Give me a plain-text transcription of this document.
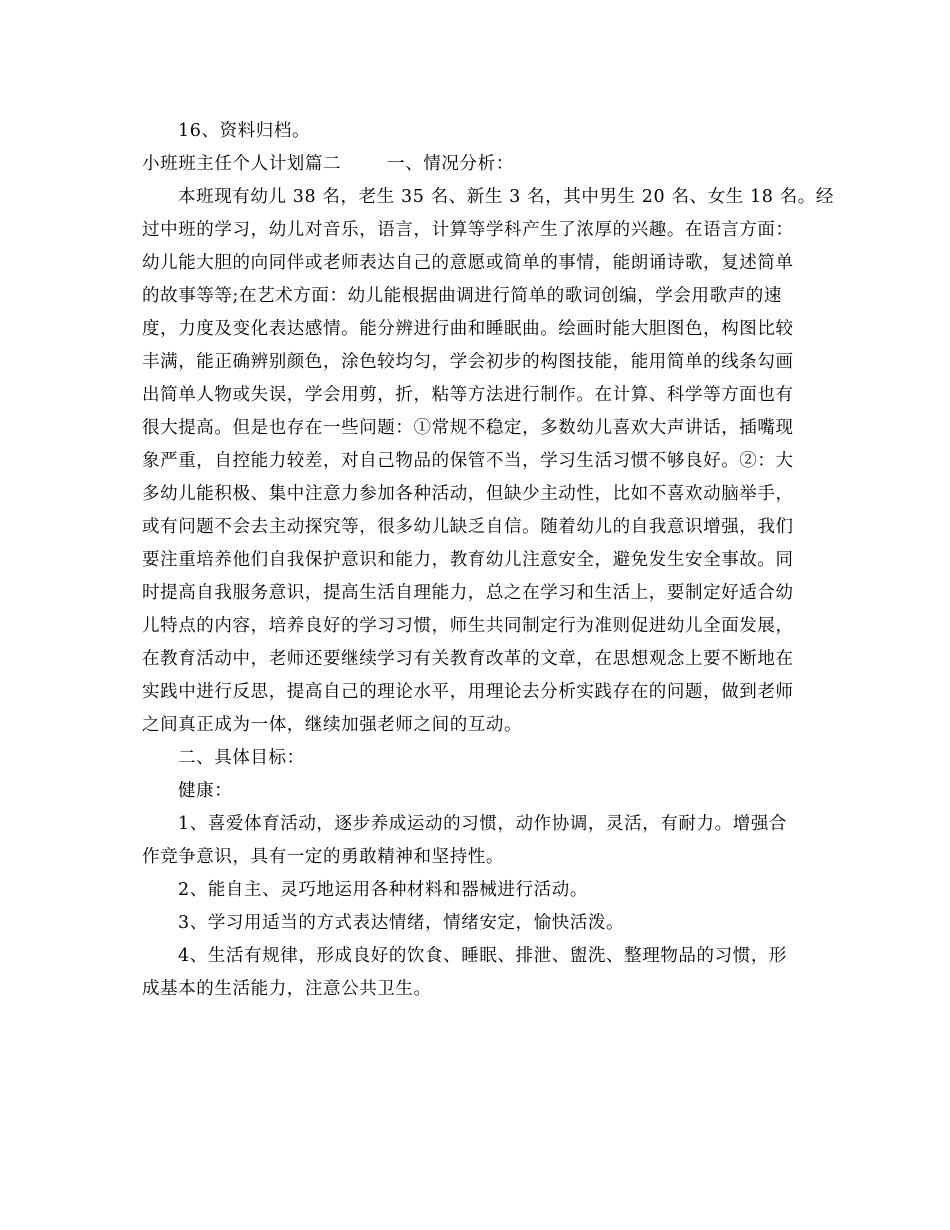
16、资料归档。

小班班主任个人计划篇二	一、情况分析：

本班现有幼儿 38 名，老生 35 名、新生 3 名，其中男生 20 名、女生 18 名。经

过中班的学习，幼儿对音乐，语言，计算等学科产生了浓厚的兴趣。在语言方面：

幼儿能大胆的向同伴或老师表达自己的意愿或简单的事情，能朗诵诗歌，复述简单

的故事等等;在艺术方面：幼儿能根据曲调进行简单的歌词创编，学会用歌声的速

度，力度及变化表达感情。能分辨进行曲和睡眠曲。绘画时能大胆图色，构图比较

丰满，能正确辨别颜色，涂色较均匀，学会初步的构图技能，能用简单的线条勾画

出简单人物或失误，学会用剪，折，粘等方法进行制作。在计算、科学等方面也有

很大提高。但是也存在一些问题：①常规不稳定，多数幼儿喜欢大声讲话，插嘴现

象严重，自控能力较差，对自己物品的保管不当，学习生活习惯不够良好。②：大

多幼儿能积极、集中注意力参加各种活动，但缺少主动性，比如不喜欢动脑举手，

或有问题不会去主动探究等，很多幼儿缺乏自信。随着幼儿的自我意识增强，我们

要注重培养他们自我保护意识和能力，教育幼儿注意安全，避免发生安全事故。同

时提高自我服务意识，提高生活自理能力，总之在学习和生活上，要制定好适合幼

儿特点的内容，培养良好的学习习惯，师生共同制定行为准则促进幼儿全面发展，

在教育活动中，老师还要继续学习有关教育改革的文章，在思想观念上要不断地在

实践中进行反思，提高自己的理论水平，用理论去分析实践存在的问题，做到老师

之间真正成为一体，继续加强老师之间的互动。

二、具体目标：

健康：

1、喜爱体育活动，逐步养成运动的习惯，动作协调，灵活，有耐力。增强合

作竞争意识，具有一定的勇敢精神和坚持性。

2、能自主、灵巧地运用各种材料和器械进行活动。

3、学习用适当的方式表达情绪，情绪安定，愉快活泼。

4、生活有规律，形成良好的饮食、睡眠、排泄、盥洗、整理物品的习惯，形

成基本的生活能力，注意公共卫生。
